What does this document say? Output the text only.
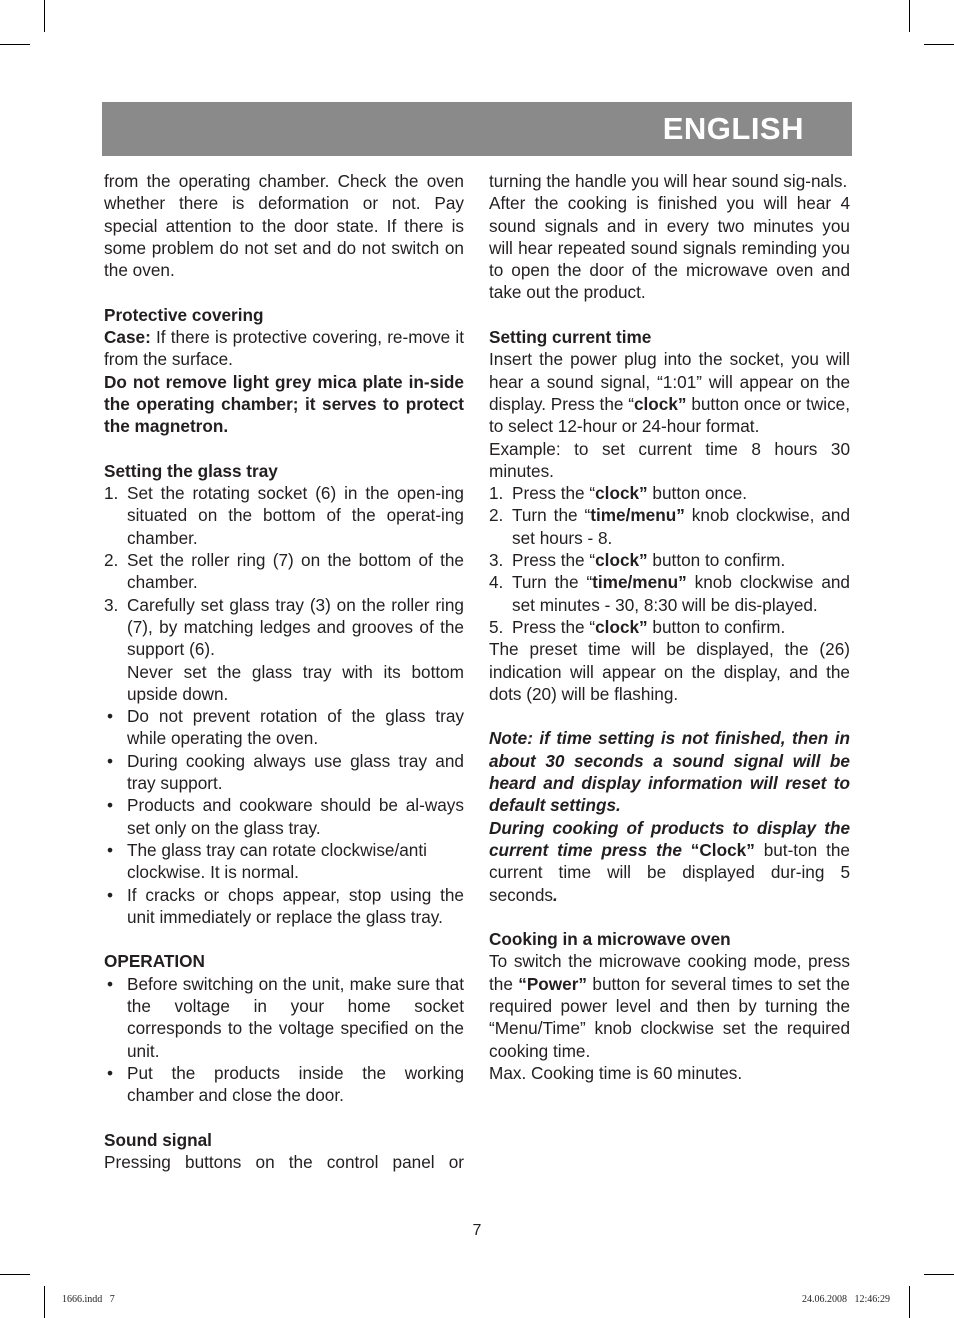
ENGLISH

from the operating chamber. Check the oven whether there is deformation or not. Pay special attention to the door state. If there is some problem do not set and do not switch on the oven.

Protective covering

Case: If there is protective covering, re-move it from the surface.

Do not remove light grey mica plate in-side the operating chamber; it serves to protect the magnetron.

Setting the glass tray

1. Set the rotating socket (6) in the open-ing situated on the bottom of the operat-ing chamber.
2. Set the roller ring (7) on the bottom of the chamber.
3. Carefully set glass tray (3) on the roller ring (7), by matching ledges and grooves of the support (6).
Never set the glass tray with its bottom upside down.
• Do not prevent rotation of the glass tray while operating the oven.
• During cooking always use glass tray and tray support.
• Products and cookware should be al-ways set only on the glass tray.
• The glass tray can rotate clockwise/anti clockwise. It is normal.
• If cracks or chops appear, stop using the unit immediately or replace the glass tray.

OPERATION

• Before switching on the unit, make sure that the voltage in your home socket corresponds to the voltage specified on the unit.
• Put the products inside the working chamber and close the door.

Sound signal

Pressing buttons on the control panel or

turning the handle you will hear sound sig-nals.

After the cooking is finished you will hear 4 sound signals and in every two minutes you will hear repeated sound signals reminding you to open the door of the microwave oven and take out the product.

Setting current time

Insert the power plug into the socket, you will hear a sound signal, “1:01” will appear on the display. Press the “clock” button once or twice, to select 12-hour or 24-hour format.

Example: to set current time 8 hours 30 minutes.

1. Press the “clock” button once.
2. Turn the “time/menu” knob clockwise, and set hours - 8.
3. Press the “clock” button to confirm.
4. Turn the “time/menu” knob clockwise and set minutes - 30, 8:30 will be dis-played.
5. Press the “clock” button to confirm.

The preset time will be displayed, the (26) indication will appear on the display, and the dots (20) will be flashing.

Note: if time setting is not finished, then in about 30 seconds a sound signal will be heard and display information will reset to default settings.

During cooking of products to display the current time press the “Clock” but-ton the current time will be displayed dur-ing 5 seconds.

Cooking in a microwave oven

To switch the microwave cooking mode, press the “Power” button for several times to set the required power level and then by turning the “Menu/Time” knob clockwise set the required cooking time.

Max. Cooking time is 60 minutes.

7
1666.indd   7	24.06.2008   12:46:29
